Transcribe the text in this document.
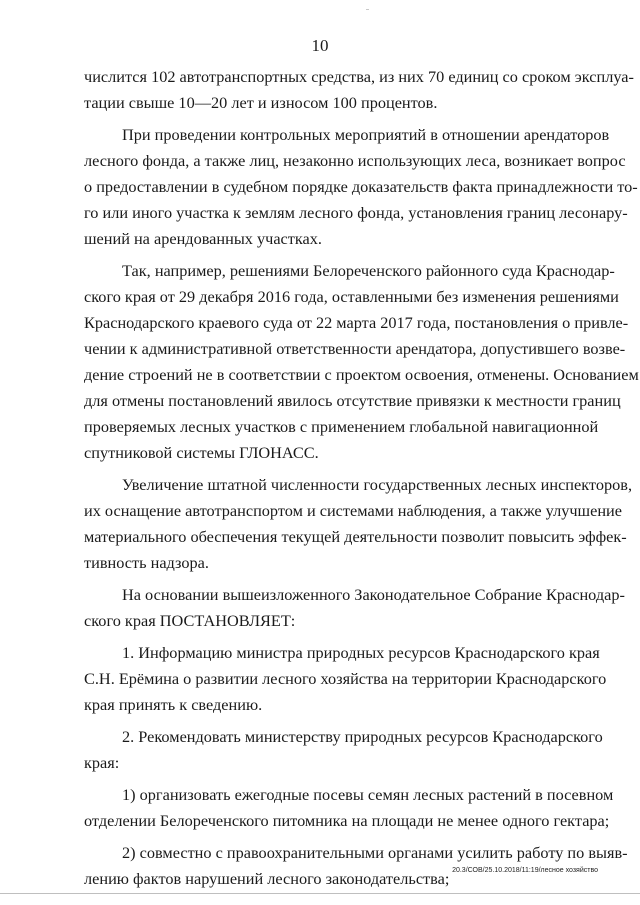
10
числится 102 автотранспортных средства, из них 70 единиц со сроком эксплуа-
тации свыше 10—20 лет и износом 100 процентов.
При проведении контрольных мероприятий в отношении арендаторов
лесного фонда, а также лиц, незаконно использующих леса, возникает вопрос
о предоставлении в судебном порядке доказательств факта принадлежности то-
го или иного участка к землям лесного фонда, установления границ лесонару-
шений на арендованных участках.
Так, например, решениями Белореченского районного суда Краснодар-
ского края от 29 декабря 2016 года, оставленными без изменения решениями
Краснодарского краевого суда от 22 марта 2017 года, постановления о привле-
чении к административной ответственности арендатора, допустившего возве-
дение строений не в соответствии с проектом освоения, отменены. Основанием
для отмены постановлений явилось отсутствие привязки к местности границ
проверяемых лесных участков с применением глобальной навигационной
спутниковой системы ГЛОНАСС.
Увеличение штатной численности государственных лесных инспекторов,
их оснащение автотранспортом и системами наблюдения, а также улучшение
материального обеспечения текущей деятельности позволит повысить эффек-
тивность надзора.
На основании вышеизложенного Законодательное Собрание Краснодар-
ского края ПОСТАНОВЛЯЕТ:
1. Информацию министра природных ресурсов Краснодарского края
С.Н. Ерёмина о развитии лесного хозяйства на территории Краснодарского
края принять к сведению.
2. Рекомендовать министерству природных ресурсов Краснодарского
края:
1) организовать ежегодные посевы семян лесных растений в посевном
отделении Белореченского питомника на площади не менее одного гектара;
2) совместно с правоохранительными органами усилить работу по выяв-
лению фактов нарушений лесного законодательства; 20.3/СОВ/25.10.2018/11:19/лесное хозяйство
